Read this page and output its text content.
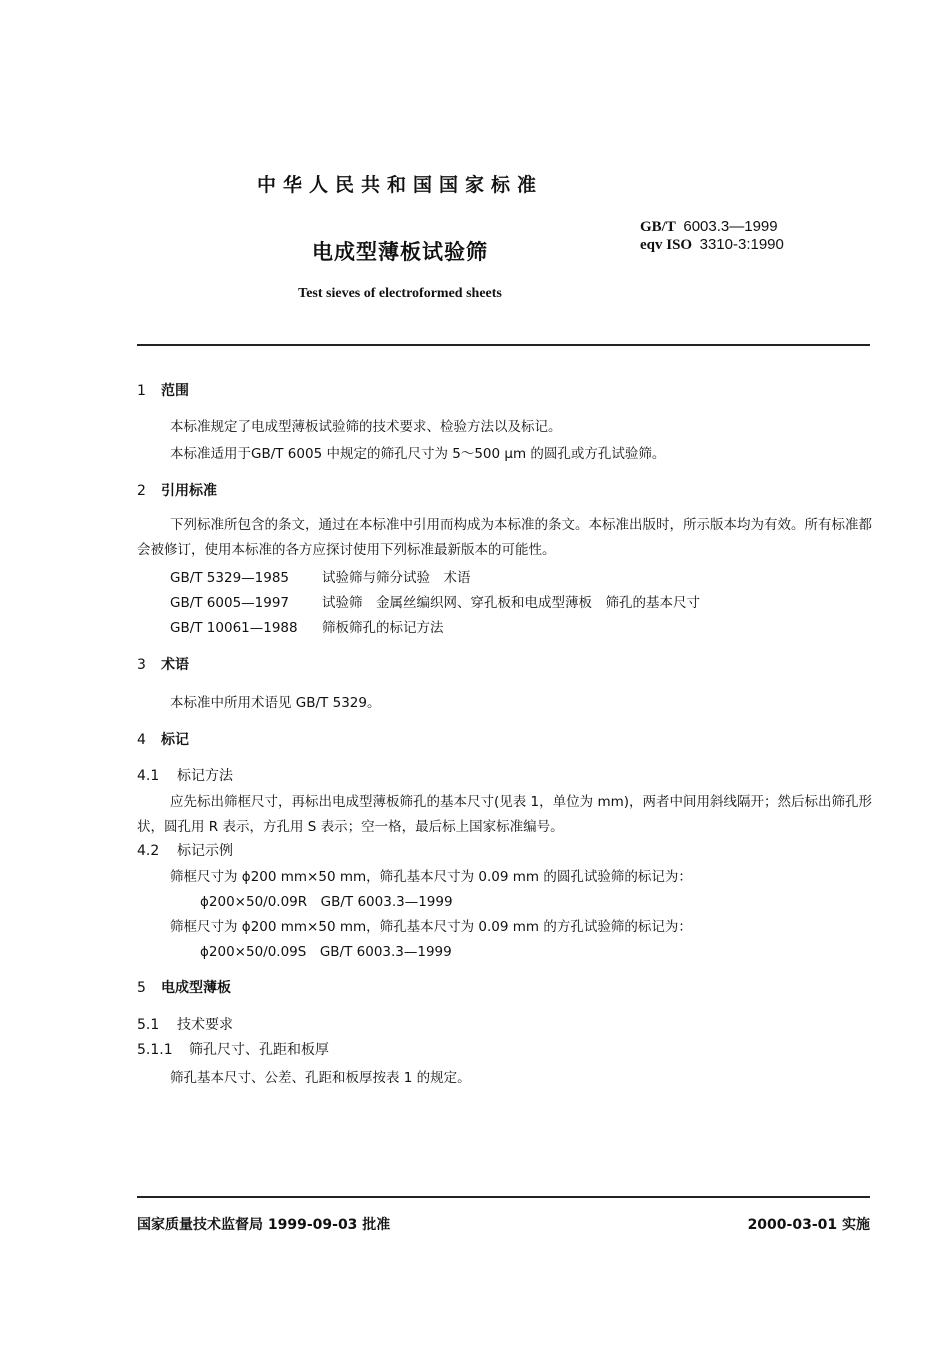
中华人民共和国国家标准
GB/T 6003.3—1999
eqv ISO 3310-3:1990
电成型薄板试验筛
Test sieves of electroformed sheets
1 范围
本标准规定了电成型薄板试验筛的技术要求、检验方法以及标记。
本标准适用于GB/T 6005 中规定的筛孔尺寸为 5～500 μm 的圆孔或方孔试验筛。
2 引用标准
下列标准所包含的条文，通过在本标准中引用而构成为本标准的条文。本标准出版时，所示版本均为有效。所有标准都会被修订，使用本标准的各方应探讨使用下列标准最新版本的可能性。
GB/T 5329—1985 试验筛与筛分试验　术语
GB/T 6005—1997 试验筛　金属丝编织网、穿孔板和电成型薄板　筛孔的基本尺寸
GB/T 10061—1988 筛板筛孔的标记方法
3 术语
本标准中所用术语见 GB/T 5329。
4 标记
4.1 标记方法
应先标出筛框尺寸，再标出电成型薄板筛孔的基本尺寸(见表 1，单位为 mm)，两者中间用斜线隔开；然后标出筛孔形状，圆孔用 R 表示，方孔用 S 表示；空一格，最后标上国家标准编号。
4.2 标记示例
筛框尺寸为 ϕ200 mm×50 mm，筛孔基本尺寸为 0.09 mm 的圆孔试验筛的标记为：
ϕ200×50/0.09R　GB/T 6003.3—1999
筛框尺寸为 ϕ200 mm×50 mm，筛孔基本尺寸为 0.09 mm 的方孔试验筛的标记为：
ϕ200×50/0.09S　GB/T 6003.3—1999
5 电成型薄板
5.1 技术要求
5.1.1 筛孔尺寸、孔距和板厚
筛孔基本尺寸、公差、孔距和板厚按表 1 的规定。
国家质量技术监督局 1999-09-03 批准	2000-03-01 实施
